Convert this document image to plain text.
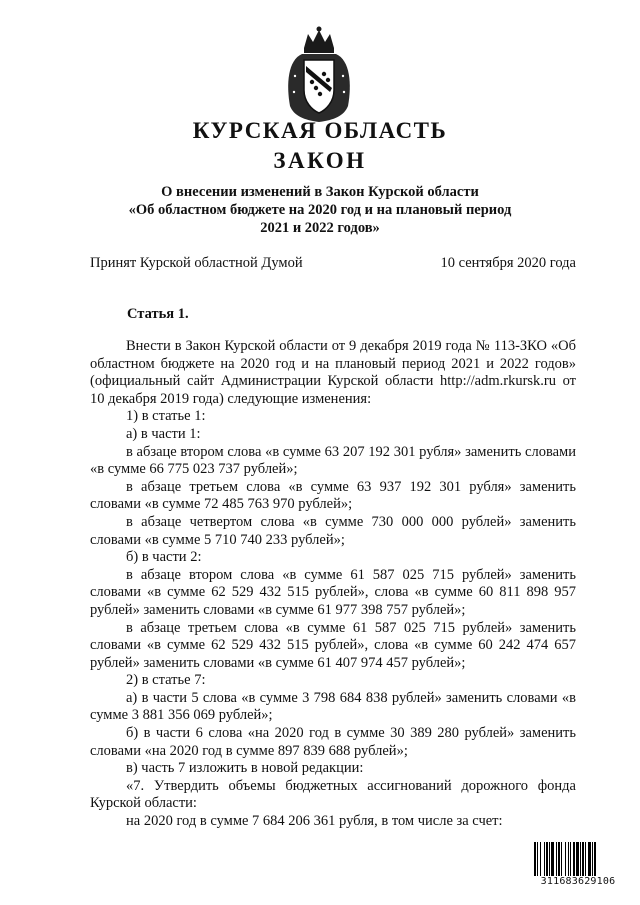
КУРСКАЯ ОБЛАСТЬ
ЗАКОН
О внесении изменений в Закон Курской области
«Об областном бюджете на 2020 год и на плановый период
2021 и 2022 годов»
Принят Курской областной Думой	10 сентября 2020 года
Статья 1.

Внести в Закон Курской области от 9 декабря 2019 года № 113-ЗКО «Об областном бюджете на 2020 год и на плановый период 2021 и 2022 годов» (официальный сайт Администрации Курской области http://adm.rkursk.ru от 10 декабря 2019 года) следующие изменения:

1) в статье 1:

а) в части 1:

в абзаце втором слова «в сумме 63 207 192 301 рубля» заменить словами «в сумме 66 775 023 737 рублей»;

в абзаце третьем слова «в сумме 63 937 192 301 рубля» заменить словами «в сумме 72 485 763 970 рублей»;

в абзаце четвертом слова «в сумме 730 000 000 рублей» заменить словами «в сумме 5 710 740 233 рублей»;

б) в части 2:

в абзаце втором слова «в сумме 61 587 025 715 рублей» заменить словами «в сумме 62 529 432 515 рублей», слова «в сумме 60 811 898 957 рублей» заменить словами «в сумме 61 977 398 757 рублей»;

в абзаце третьем слова «в сумме 61 587 025 715 рублей» заменить словами «в сумме 62 529 432 515 рублей», слова «в сумме 60 242 474 657 рублей» заменить словами «в сумме 61 407 974 457 рублей»;

2) в статье 7:

а) в части 5 слова «в сумме 3 798 684 838 рублей» заменить словами «в сумме 3 881 356 069 рублей»;

б) в части 6 слова «на 2020 год в сумме 30 389 280 рублей» заменить словами «на 2020 год в сумме 897 839 688 рублей»;

в) часть 7 изложить в новой редакции:

«7. Утвердить объемы бюджетных ассигнований дорожного фонда Курской области:

на 2020 год в сумме 7 684 206 361 рубля, в том числе за счет:

311683629106
